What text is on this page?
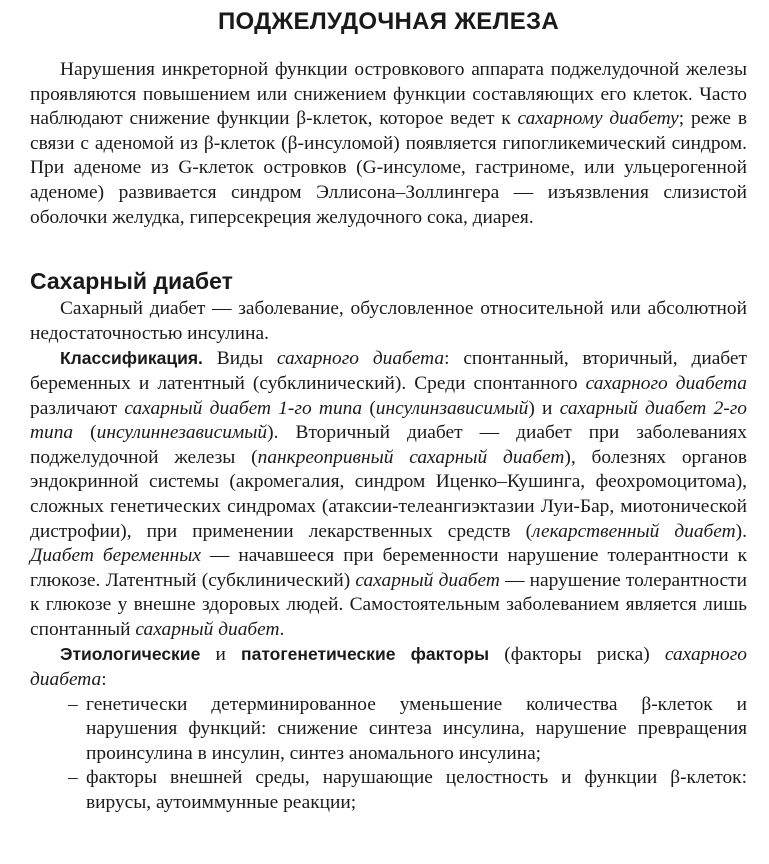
ПОДЖЕЛУДОЧНАЯ ЖЕЛЕЗА

Нарушения инкреторной функции островкового аппарата поджелудочной железы проявляются повышением или снижением функции составляющих его клеток. Часто наблюдают снижение функции β-клеток, которое ведет к сахарному диабету; реже в связи с аденомой из β-клеток (β-инсуломой) появляется гипогликемический синдром. При аденоме из G-клеток островков (G-инсуломе, гастриноме, или ульцерогенной аденоме) развивается синдром Эллисона–Золлингера — изъязвления слизистой оболочки желудка, гиперсекреция желудочного сока, диарея.

Сахарный диабет

Сахарный диабет — заболевание, обусловленное относительной или абсолютной недостаточностью инсулина.

Классификация. Виды сахарного диабета: спонтанный, вторичный, диабет беременных и латентный (субклинический). Среди спонтанного сахарного диабета различают сахарный диабет 1-го типа (инсулинзависимый) и сахарный диабет 2-го типа (инсулиннезависимый). Вторичный диабет — диабет при заболеваниях поджелудочной железы (панкреопривный сахарный диабет), болезнях органов эндокринной системы (акромегалия, синдром Иценко–Кушинга, феохромоцитома), сложных генетических синдромах (атаксии-телеангиэктазии Луи-Бар, миотонической дистрофии), при применении лекарственных средств (лекарственный диабет). Диабет беременных — начавшееся при беременности нарушение толерантности к глюкозе. Латентный (субклинический) сахарный диабет — нарушение толерантности к глюкозе у внешне здоровых людей. Самостоятельным заболеванием является лишь спонтанный сахарный диабет.

Этиологические и патогенетические факторы (факторы риска) сахарного диабета:

– генетически детерминированное уменьшение количества β-клеток и нарушения функций: снижение синтеза инсулина, нарушение превращения проинсулина в инсулин, синтез аномального инсулина;
– факторы внешней среды, нарушающие целостность и функции β-клеток: вирусы, аутоиммунные реакции;
